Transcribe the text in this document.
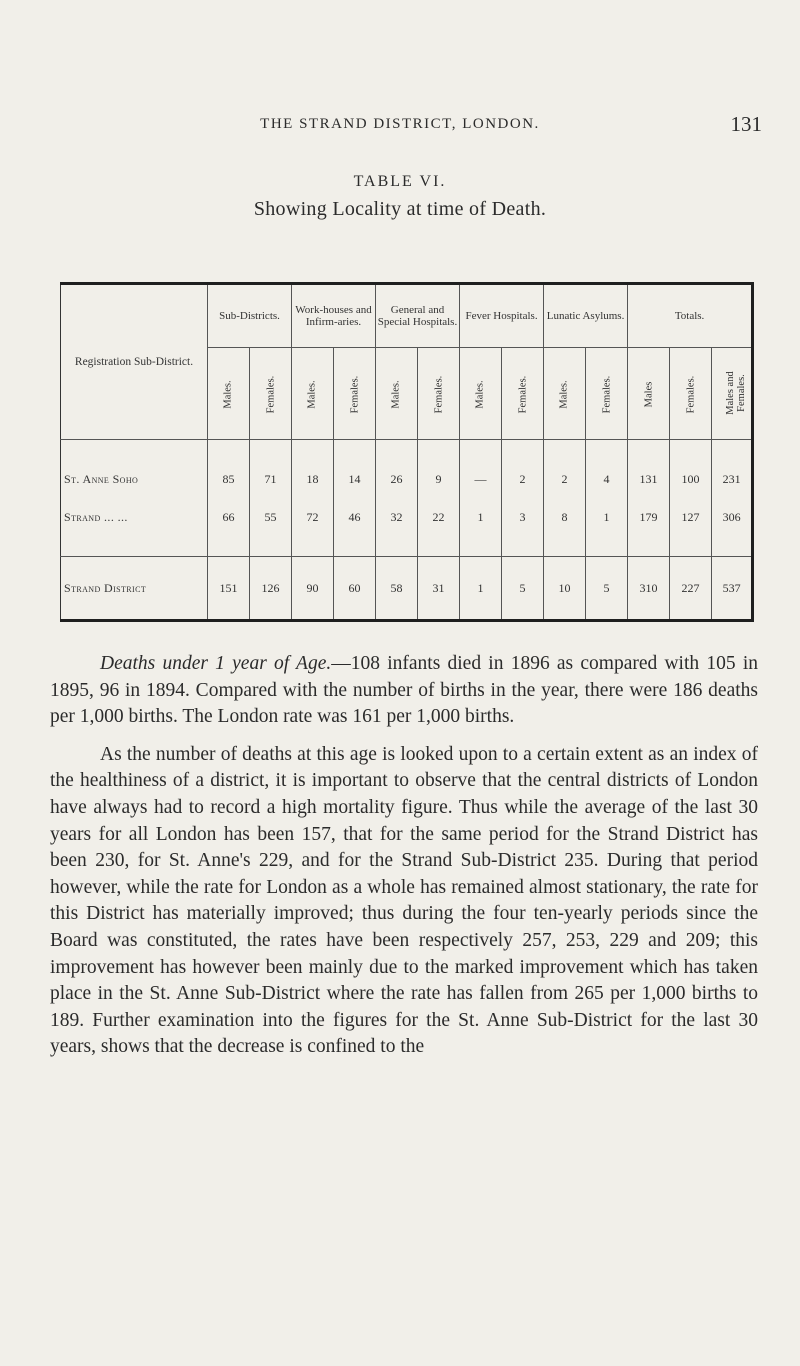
THE STRAND DISTRICT, LONDON.	131
TABLE VI.
Showing Locality at time of Death.
Registration Sub-District.	Sub-Districts.		Work-houses and Infirm-aries.		General and Special Hospitals.		Fever Hospitals.		Lunatic Asylums.		Totals.		
	Males.	Females.	Males.	Females.	Males.	Females.	Males.	Females.	Males.	Females.	Males	Females.	Males and Females.

St. Anne Soho	85	71	18	14	26	9	—	2	2	4	131	100	231
Strand ... ...	66	55	72	46	32	22	1	3	8	1	179	127	306

Strand District	151	126	90	60	58	31	1	5	10	5	310	227	537

Deaths under 1 year of Age.—108 infants died in 1896 as compared with 105 in 1895, 96 in 1894. Compared with the number of births in the year, there were 186 deaths per 1,000 births. The London rate was 161 per 1,000 births.

As the number of deaths at this age is looked upon to a certain extent as an index of the healthiness of a district, it is important to observe that the central districts of London have always had to record a high mortality figure. Thus while the average of the last 30 years for all London has been 157, that for the same period for the Strand District has been 230, for St. Anne's 229, and for the Strand Sub-District 235. During that period however, while the rate for London as a whole has remained almost stationary, the rate for this District has materially improved; thus during the four ten-yearly periods since the Board was constituted, the rates have been respectively 257, 253, 229 and 209; this improvement has however been mainly due to the marked improvement which has taken place in the St. Anne Sub-District where the rate has fallen from 265 per 1,000 births to 189. Further examination into the figures for the St. Anne Sub-District for the last 30 years, shows that the decrease is confined to the
